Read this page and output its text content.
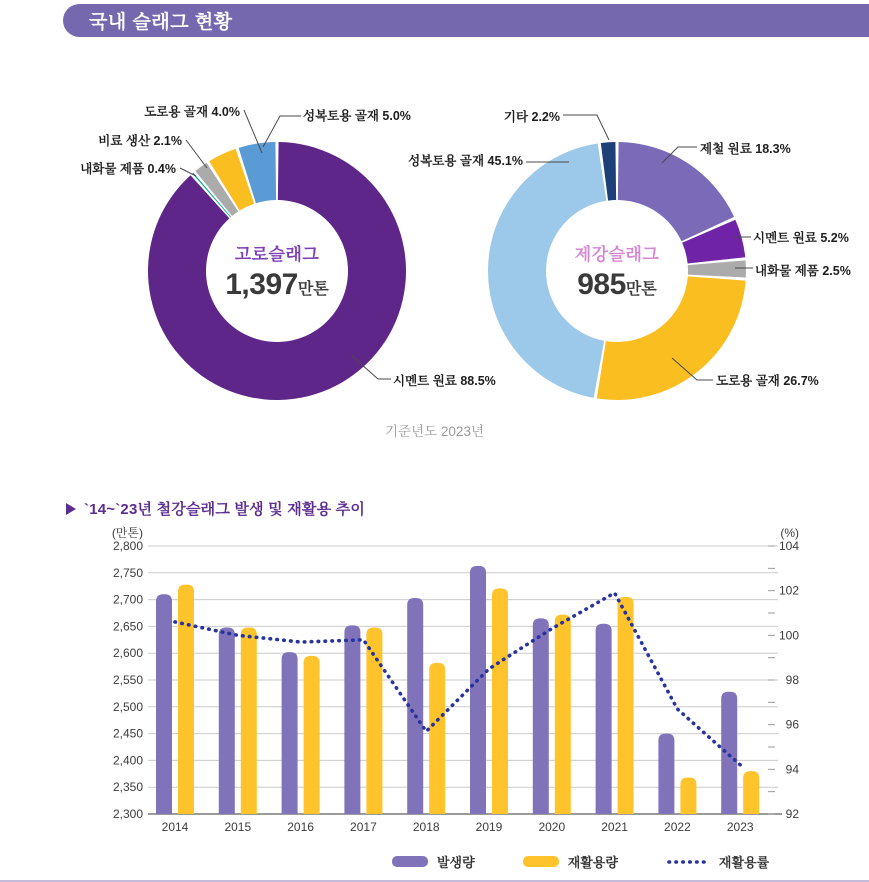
국내 슬래그 현황
도로용 골재 4.0%
비료 생산 2.1%
내화물 제품 0.4%
성복토용 골재 5.0%
시멘트 원료 88.5%
기타 2.2%
제철 원료 18.3%
시멘트 원료 5.2%
내화물 제품 2.5%
성복토용 골재 45.1%
도로용 골재 26.7%
고로슬래그
1,397만톤
제강슬래그
985만톤
기준년도 2023년
`14~`23년 철강슬래그 발생 및 재활용 추이
2,800
2,750
2,700
2,650
2,600
2,550
2,500
2,450
2,400
2,350
2,300
(만톤)
104
102
100
98
96
94
92
(%)
2014	2015	2016	2017	2018	2019	2020	2021	2022	2023
발생량	재활용량	재활용률
